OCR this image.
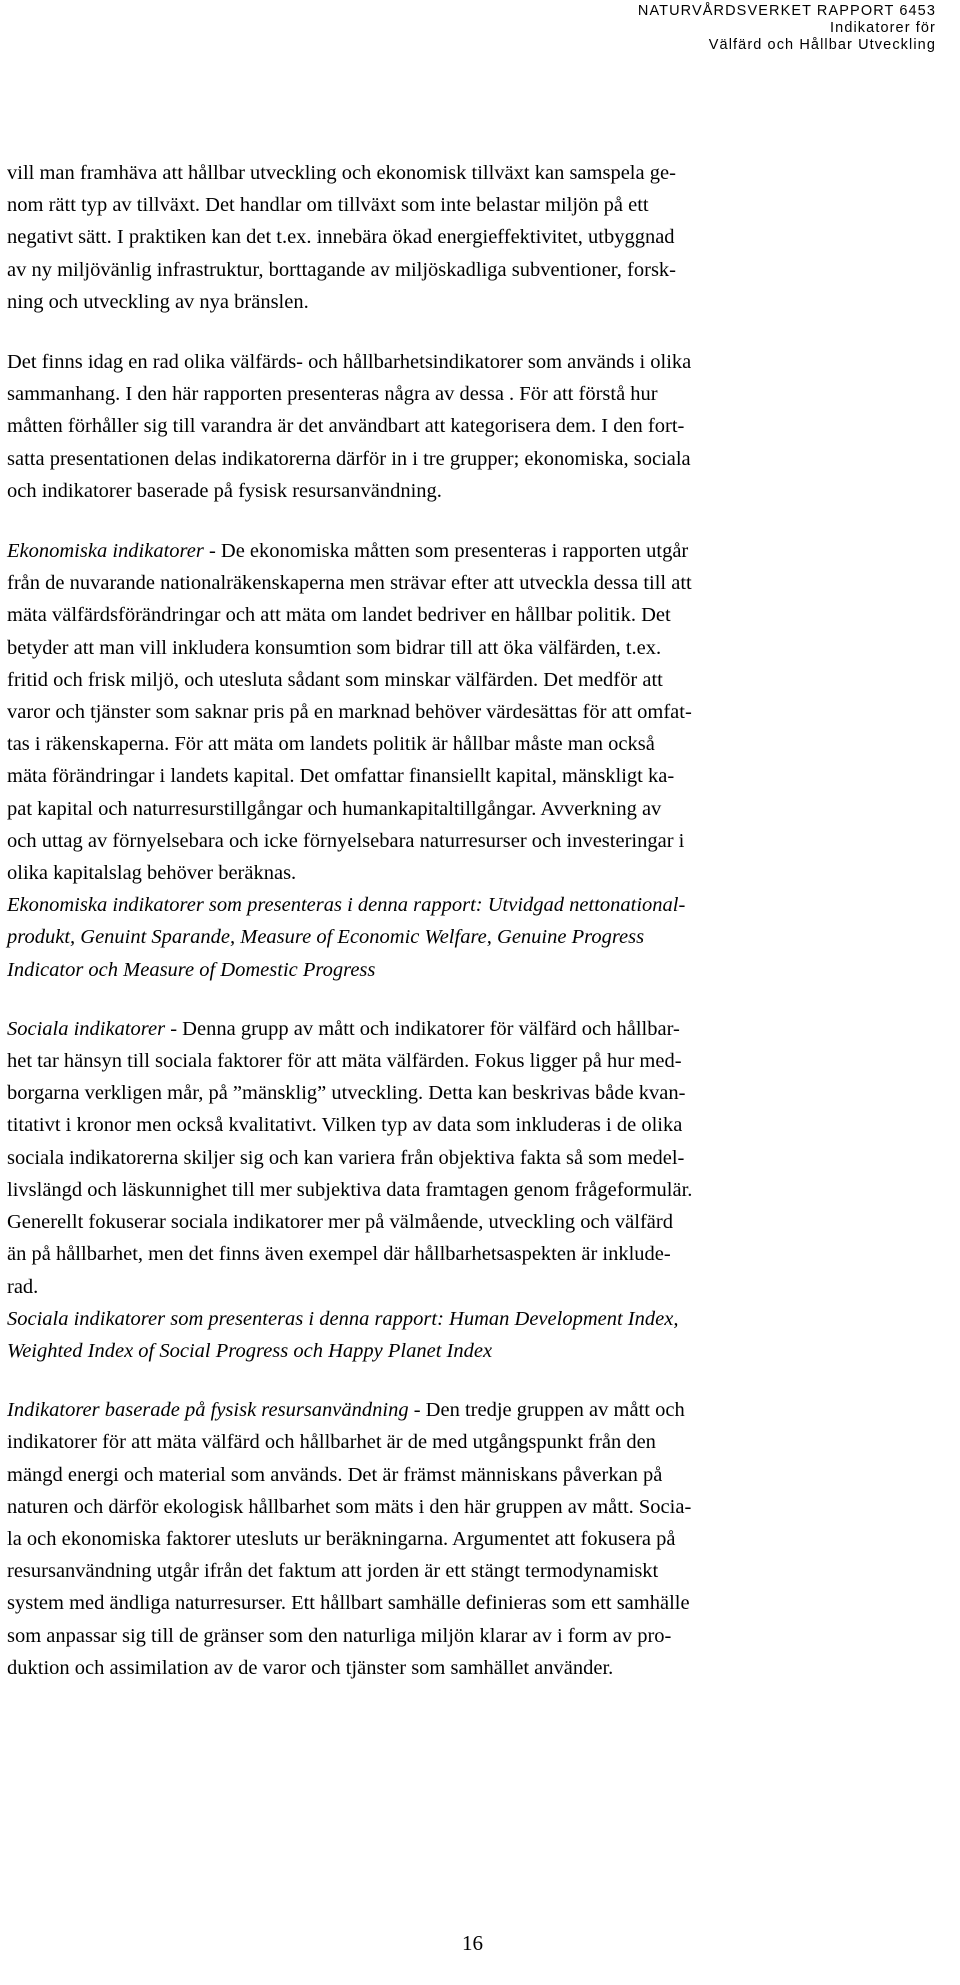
NATURVÅRDSVERKET RAPPORT 6453
Indikatorer för
Välfärd och Hållbar Utveckling

vill man framhäva att hållbar utveckling och ekonomisk tillväxt kan samspela ge-
nom rätt typ av tillväxt. Det handlar om tillväxt som inte belastar miljön på ett
negativt sätt. I praktiken kan det t.ex. innebära ökad energieffektivitet, utbyggnad
av ny miljövänlig infrastruktur, borttagande av miljöskadliga subventioner, forsk-
ning och utveckling av nya bränslen.

Det finns idag en rad olika välfärds- och hållbarhetsindikatorer som används i olika
sammanhang. I den här rapporten presenteras några av dessa . För att förstå hur
måtten förhåller sig till varandra är det användbart att kategorisera dem. I den fort-
satta presentationen delas indikatorerna därför in i tre grupper; ekonomiska, sociala
och indikatorer baserade på fysisk resursanvändning.

Ekonomiska indikatorer - De ekonomiska måtten som presenteras i rapporten utgår
från de nuvarande nationalräkenskaperna men strävar efter att utveckla dessa till att
mäta välfärdsförändringar och att mäta om landet bedriver en hållbar politik. Det
betyder att man vill inkludera konsumtion som bidrar till att öka välfärden, t.ex.
fritid och frisk miljö, och utesluta sådant som minskar välfärden. Det medför att
varor och tjänster som saknar pris på en marknad behöver värdesättas för att omfat-
tas i räkenskaperna. För att mäta om landets politik är hållbar måste man också
mäta förändringar i landets kapital. Det omfattar finansiellt kapital, mänskligt ka-
pat kapital och naturresurstillgångar och humankapitaltillgångar. Avverkning av
och uttag av förnyelsebara och icke förnyelsebara naturresurser och investeringar i
olika kapitalslag behöver beräknas.

Ekonomiska indikatorer som presenteras i denna rapport: Utvidgad nettonational-
produkt, Genuint Sparande, Measure of Economic Welfare, Genuine Progress
Indicator och Measure of Domestic Progress

Sociala indikatorer - Denna grupp av mått och indikatorer för välfärd och hållbar-
het tar hänsyn till sociala faktorer för att mäta välfärden. Fokus ligger på hur med-
borgarna verkligen mår, på ”mänsklig” utveckling. Detta kan beskrivas både kvan-
titativt i kronor men också kvalitativt. Vilken typ av data som inkluderas i de olika
sociala indikatorerna skiljer sig och kan variera från objektiva fakta så som medel-
livslängd och läskunnighet till mer subjektiva data framtagen genom frågeformulär.
Generellt fokuserar sociala indikatorer mer på välmående, utveckling och välfärd
än på hållbarhet, men det finns även exempel där hållbarhetsaspekten är inklude-
rad.

Sociala indikatorer som presenteras i denna rapport: Human Development Index,
Weighted Index of Social Progress och Happy Planet Index

Indikatorer baserade på fysisk resursanvändning - Den tredje gruppen av mått och
indikatorer för att mäta välfärd och hållbarhet är de med utgångspunkt från den
mängd energi och material som används. Det är främst människans påverkan på
naturen och därför ekologisk hållbarhet som mäts i den här gruppen av mått. Socia-
la och ekonomiska faktorer utesluts ur beräkningarna. Argumentet att fokusera på
resursanvändning utgår ifrån det faktum att jorden är ett stängt termodynamiskt
system med ändliga naturresurser. Ett hållbart samhälle definieras som ett samhälle
som anpassar sig till de gränser som den naturliga miljön klarar av i form av pro-
duktion och assimilation av de varor och tjänster som samhället använder.

16
